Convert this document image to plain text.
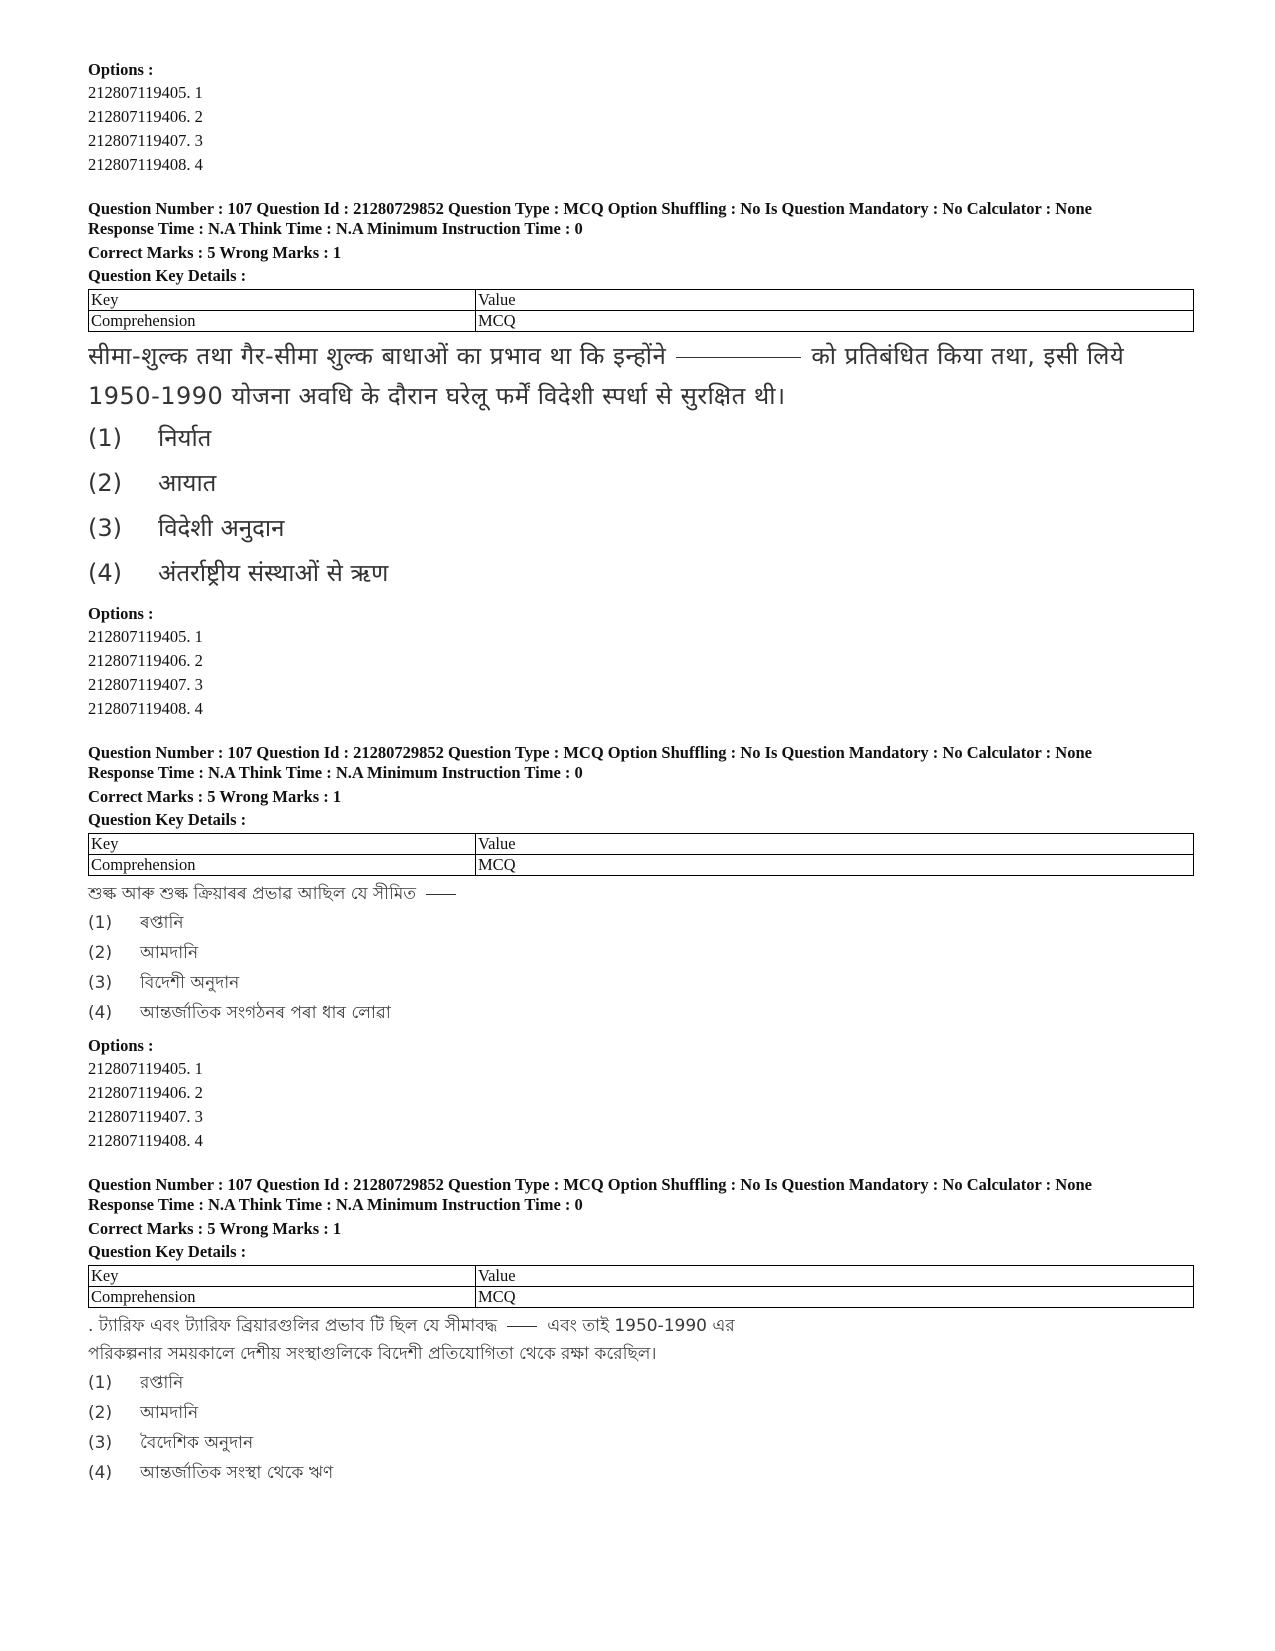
Options :
212807119405. 1
212807119406. 2
212807119407. 3
212807119408. 4
Question Number : 107 Question Id : 21280729852 Question Type : MCQ Option Shuffling : No Is Question Mandatory : No Calculator : None
Response Time : N.A Think Time : N.A Minimum Instruction Time : 0
Correct Marks : 5 Wrong Marks : 1
Question Key Details :
Key	Value
Comprehension	MCQ
सीमा-शुल्क तथा गैर-सीमा शुल्क बाधाओं का प्रभाव था कि इन्होंने	को प्रतिबंधित किया तथा, इसी लिये
1950-1990 योजना अवधि के दौरान घरेलू फर्में विदेशी स्पर्धा से सुरक्षित थी।
(1)	निर्यात
(2)	आयात
(3)	विदेशी अनुदान
(4)	अंतर्राष्ट्रीय संस्थाओं से ऋण
Options :
212807119405. 1
212807119406. 2
212807119407. 3
212807119408. 4
Question Number : 107 Question Id : 21280729852 Question Type : MCQ Option Shuffling : No Is Question Mandatory : No Calculator : None
Response Time : N.A Think Time : N.A Minimum Instruction Time : 0
Correct Marks : 5 Wrong Marks : 1
Question Key Details :
Key	Value
Comprehension	MCQ
শুল্ক আৰু শুল্ক ক্ৰিয়াৰৰ প্ৰভাৱ আছিল যে সীমিত
(1)	ৰপ্তানি
(2)	আমদানি
(3)	বিদেশী অনুদান
(4)	আন্তৰ্জাতিক সংগঠনৰ পৰা ধাৰ লোৱা
Options :
212807119405. 1
212807119406. 2
212807119407. 3
212807119408. 4
Question Number : 107 Question Id : 21280729852 Question Type : MCQ Option Shuffling : No Is Question Mandatory : No Calculator : None
Response Time : N.A Think Time : N.A Minimum Instruction Time : 0
Correct Marks : 5 Wrong Marks : 1
Question Key Details :
Key	Value
Comprehension	MCQ
. ট্যারিফ এবং ট্যারিফ ব্রিয়ারগুলির প্রভাব টি ছিল যে সীমাবদ্ধ	এবং তাই 1950-1990 এর
পরিকল্পনার সময়কালে দেশীয় সংস্থাগুলিকে বিদেশী প্রতিযোগিতা থেকে রক্ষা করেছিল।
(1)	রপ্তানি
(2)	আমদানি
(3)	বৈদেশিক অনুদান
(4)	আন্তর্জাতিক সংস্থা থেকে ঋণ
